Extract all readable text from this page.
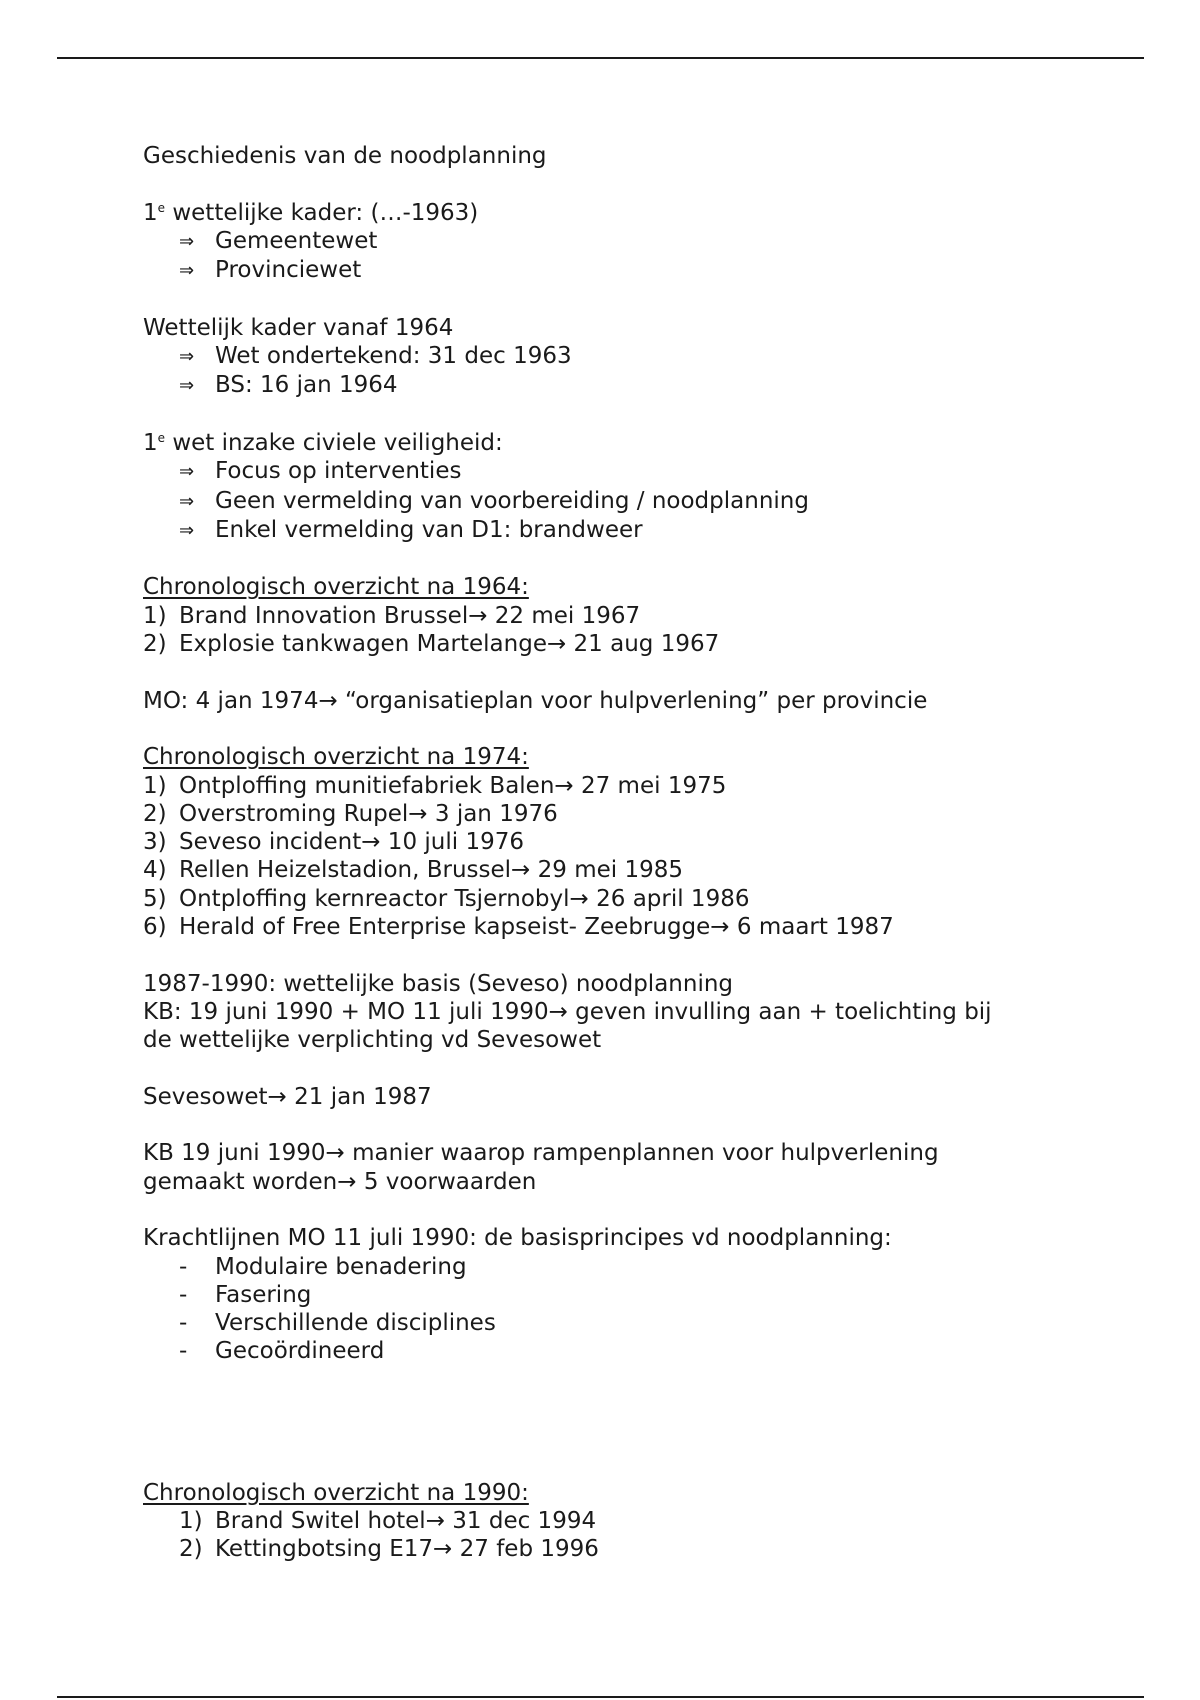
Geschiedenis van de noodplanning
1e wettelijke kader: (…-1963)
⇒ Gemeentewet
⇒ Provinciewet
Wettelijk kader vanaf 1964
⇒ Wet ondertekend: 31 dec 1963
⇒ BS: 16 jan 1964
1e wet inzake civiele veiligheid:
⇒ Focus op interventies
⇒ Geen vermelding van voorbereiding / noodplanning
⇒ Enkel vermelding van D1: brandweer
Chronologisch overzicht na 1964:
1) Brand Innovation Brussel→ 22 mei 1967
2) Explosie tankwagen Martelange→ 21 aug 1967
MO: 4 jan 1974→ “organisatieplan voor hulpverlening” per provincie
Chronologisch overzicht na 1974:
1) Ontploffing munitiefabriek Balen→ 27 mei 1975
2) Overstroming Rupel→ 3 jan 1976
3) Seveso incident→ 10 juli 1976
4) Rellen Heizelstadion, Brussel→ 29 mei 1985
5) Ontploffing kernreactor Tsjernobyl→ 26 april 1986
6) Herald of Free Enterprise kapseist- Zeebrugge→ 6 maart 1987
1987-1990: wettelijke basis (Seveso) noodplanning
KB: 19 juni 1990 + MO 11 juli 1990→ geven invulling aan + toelichting bij
de wettelijke verplichting vd Sevesowet
Sevesowet→ 21 jan 1987
KB 19 juni 1990→ manier waarop rampenplannen voor hulpverlening
gemaakt worden→ 5 voorwaarden
Krachtlijnen MO 11 juli 1990: de basisprincipes vd noodplanning:
- Modulaire benadering
- Fasering
- Verschillende disciplines
- Gecoördineerd
Chronologisch overzicht na 1990:
1) Brand Switel hotel→ 31 dec 1994
2) Kettingbotsing E17→ 27 feb 1996
